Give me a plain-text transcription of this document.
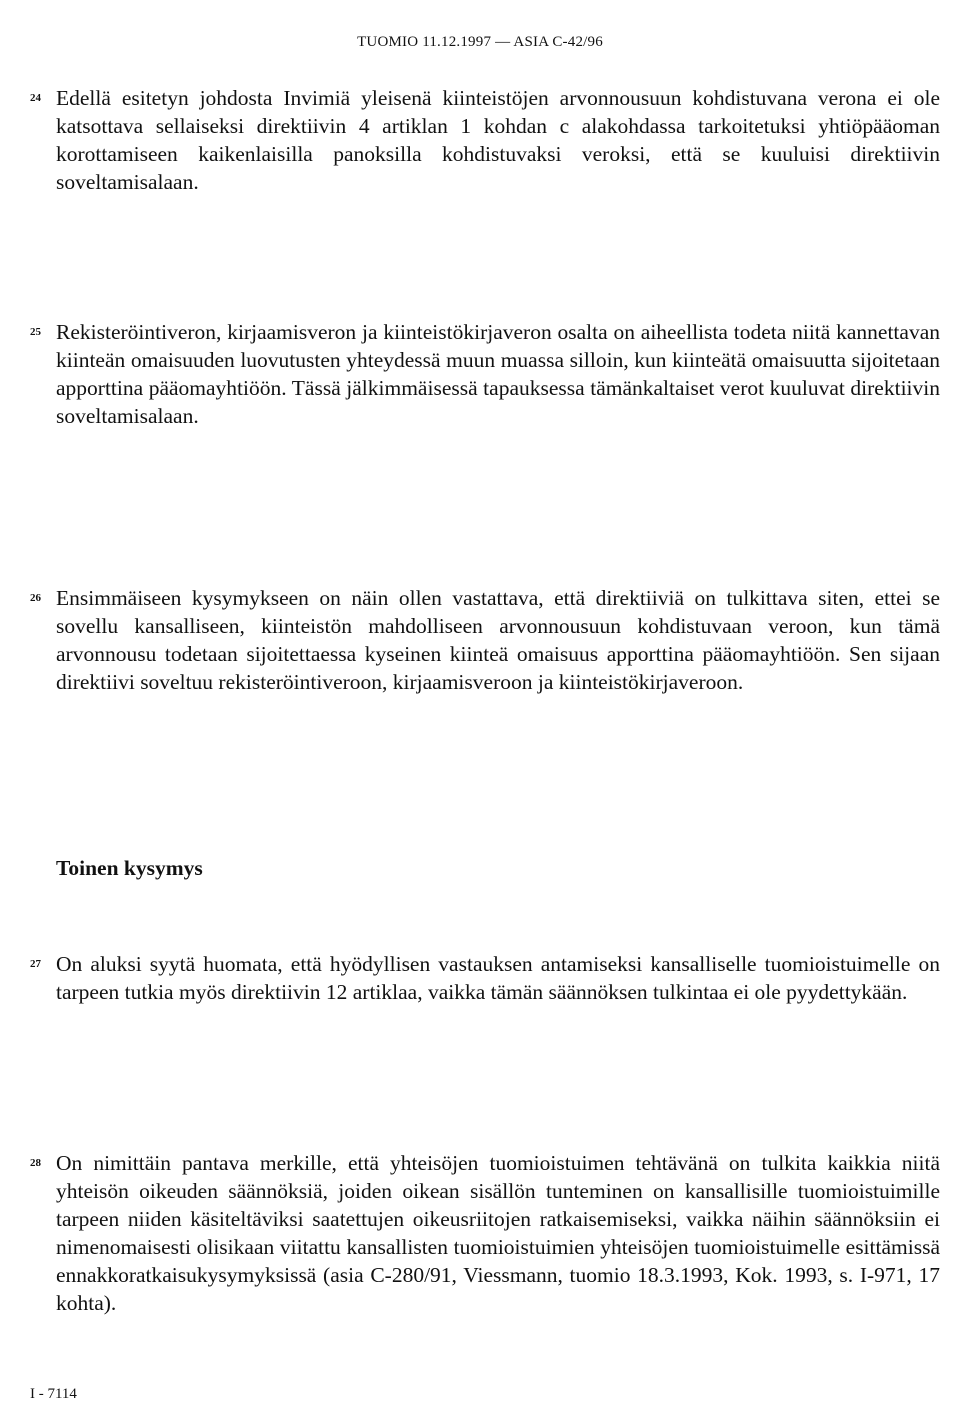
TUOMIO 11.12.1997 — ASIA C-42/96
24 Edellä esitetyn johdosta Invimiä yleisenä kiinteistöjen arvonnousuun kohdistuvana verona ei ole katsottava sellaiseksi direktiivin 4 artiklan 1 kohdan c alakohdassa tarkoitetuksi yhtiöpääoman korottamiseen kaikenlaisilla panoksilla kohdistuvaksi veroksi, että se kuuluisi direktiivin soveltamisalaan.
25 Rekisteröintiveron, kirjaamisveron ja kiinteistökirjaveron osalta on aiheellista todeta niitä kannettavan kiinteän omaisuuden luovutusten yhteydessä muun muassa silloin, kun kiinteätä omaisuutta sijoitetaan apporttina pääomayhtiöön. Tässä jälkimmäisessä tapauksessa tämänkaltaiset verot kuuluvat direktiivin soveltamisalaan.
26 Ensimmäiseen kysymykseen on näin ollen vastattava, että direktiiviä on tulkittava siten, ettei se sovellu kansalliseen, kiinteistön mahdolliseen arvonnousuun kohdistuvaan veroon, kun tämä arvonnousu todetaan sijoitettaessa kyseinen kiinteä omaisuus apporttina pääomayhtiöön. Sen sijaan direktiivi soveltuu rekisteröintiveroon, kirjaamisveroon ja kiinteistökirjaveroon.
Toinen kysymys
27 On aluksi syytä huomata, että hyödyllisen vastauksen antamiseksi kansalliselle tuomioistuimelle on tarpeen tutkia myös direktiivin 12 artiklaa, vaikka tämän säännöksen tulkintaa ei ole pyydettykään.
28 On nimittäin pantava merkille, että yhteisöjen tuomioistuimen tehtävänä on tulkita kaikkia niitä yhteisön oikeuden säännöksiä, joiden oikean sisällön tunteminen on kansallisille tuomioistuimille tarpeen niiden käsiteltäviksi saatettujen oikeusriitojen ratkaisemiseksi, vaikka näihin säännöksiin ei nimenomaisesti olisikaan viitattu kansallisten tuomioistuimien yhteisöjen tuomioistuimelle esittämissä ennakkoratkaisukysymyksissä (asia C-280/91, Viessmann, tuomio 18.3.1993, Kok. 1993, s. I-971, 17 kohta).
I - 7114
